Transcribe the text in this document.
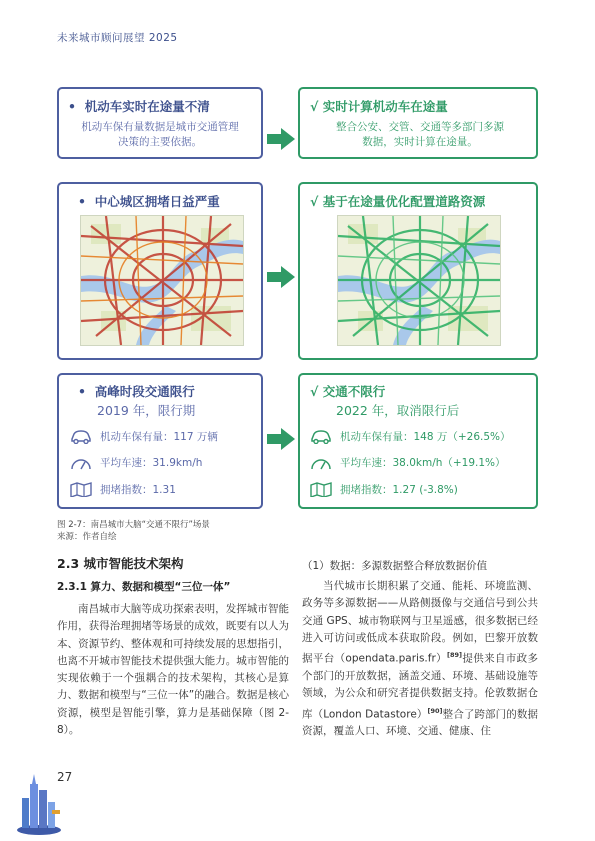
未来城市顾问展望 2025
• 机动车实时在途量不清
机动车保有量数据是城市交通管理决策的主要依据。
√ 实时计算机动车在途量
整合公安、交管、交通等多部门多源数据，实时计算在途量。
• 中心城区拥堵日益严重	√ 基于在途量优化配置道路资源
• 高峰时段交通限行
2019 年，限行期
机动车保有量：117 万辆
平均车速：31.9km/h
拥堵指数：1.31
√ 交通不限行
2022 年，取消限行后
机动车保有量：148 万（+26.5%）
平均车速：38.0km/h（+19.1%）
拥堵指数：1.27 (-3.8%)
图 2-7：南昌城市大脑“交通不限行”场景
来源：作者自绘
2.3 城市智能技术架构
2.3.1 算力、数据和模型“三位一体”
南昌城市大脑等成功探索表明，发挥城市智能作用，获得治理拥堵等场景的成效，既要有以人为本、资源节约、整体观和可持续发展的思想指引，也离不开城市智能技术提供强大能力。城市智能的实现依赖于一个强耦合的技术架构，其核心是算力、数据和模型与“三位一体”的融合。数据是核心资源，模型是智能引擎，算力是基础保障（图 2-8）。
（1）数据：多源数据整合释放数据价值
当代城市长期积累了交通、能耗、环境监测、政务等多源数据——从路侧摄像与交通信号到公共交通 GPS、城市物联网与卫星遥感，很多数据已经进入可访问或低成本获取阶段。例如，巴黎开放数据平台（opendata.paris.fr）[89]提供来自市政多个部门的开放数据，涵盖交通、环境、基础设施等领域，为公众和研究者提供数据支持。伦敦数据仓库（London Datastore）[90]整合了跨部门的数据资源，覆盖人口、环境、交通、健康、住
27
